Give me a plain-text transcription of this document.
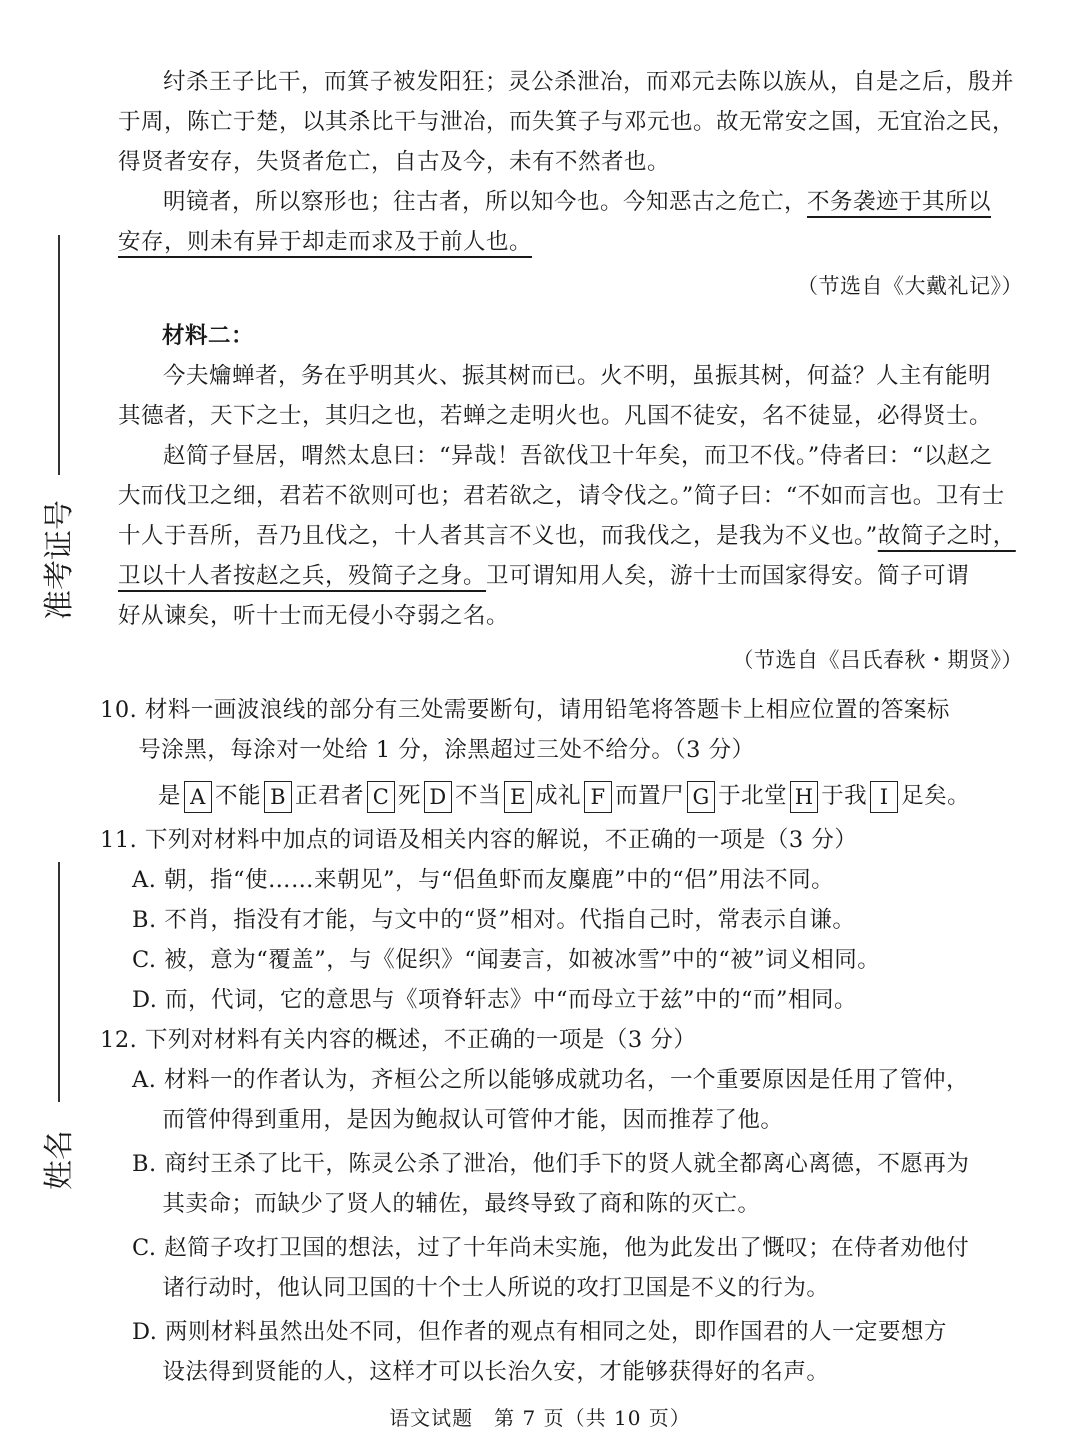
准考证号
姓名

纣杀王子比干，而箕子被发阳狂；灵公杀泄冶，而邓元去陈以族从，自是之后，殷并
于周，陈亡于楚，以其杀比干与泄冶，而失箕子与邓元也。故无常安之国，无宜治之民，
得贤者安存，失贤者危亡，自古及今，未有不然者也。

明镜者，所以察形也；往古者，所以知今也。今知恶古之危亡，不务袭迹于其所以
安存，则未有异于却走而求及于前人也。

（节选自《大戴礼记》）
材料二：

今夫爚蝉者，务在乎明其火、振其树而已。火不明，虽振其树，何益？人主有能明
其德者，天下之士，其归之也，若蝉之走明火也。凡国不徒安，名不徒显，必得贤士。

赵简子昼居，喟然太息曰：“异哉！吾欲伐卫十年矣，而卫不伐。”侍者曰：“以赵之
大而伐卫之细，君若不欲则可也；君若欲之，请令伐之。”简子曰：“不如而言也。卫有士
十人于吾所，吾乃且伐之，十人者其言不义也，而我伐之，是我为不义也。”故简子之时，
卫以十人者按赵之兵，殁简子之身。卫可谓知用人矣，游十士而国家得安。简子可谓
好从谏矣，听十士而无侵小夺弱之名。

（节选自《吕氏春秋・期贤》）
10. 材料一画波浪线的部分有三处需要断句，请用铅笔将答题卡上相应位置的答案标
号涂黑，每涂对一处给 1 分，涂黑超过三处不给分。（3 分）
是 A 不能 B 正君者 C 死 D 不当 E 成礼 F 而置尸 G 于北堂 H 于我 I 足矣。
11. 下列对材料中加点的词语及相关内容的解说，不正确的一项是（3 分）
A. 朝，指“使……来朝见”，与“侣鱼虾而友麋鹿”中的“侣”用法不同。
B. 不肖，指没有才能，与文中的“贤”相对。代指自己时，常表示自谦。
C. 被，意为“覆盖”，与《促织》“闻妻言，如被冰雪”中的“被”词义相同。
D. 而，代词，它的意思与《项脊轩志》中“而母立于兹”中的“而”相同。
12. 下列对材料有关内容的概述，不正确的一项是（3 分）
A. 材料一的作者认为，齐桓公之所以能够成就功名，一个重要原因是任用了管仲，
而管仲得到重用，是因为鲍叔认可管仲才能，因而推荐了他。
B. 商纣王杀了比干，陈灵公杀了泄冶，他们手下的贤人就全都离心离德，不愿再为
其卖命；而缺少了贤人的辅佐，最终导致了商和陈的灭亡。
C. 赵简子攻打卫国的想法，过了十年尚未实施，他为此发出了慨叹；在侍者劝他付
诸行动时，他认同卫国的十个士人所说的攻打卫国是不义的行为。
D. 两则材料虽然出处不同，但作者的观点有相同之处，即作国君的人一定要想方
设法得到贤能的人，这样才可以长治久安，才能够获得好的名声。
语文试题　第 7 页（共 10 页）
